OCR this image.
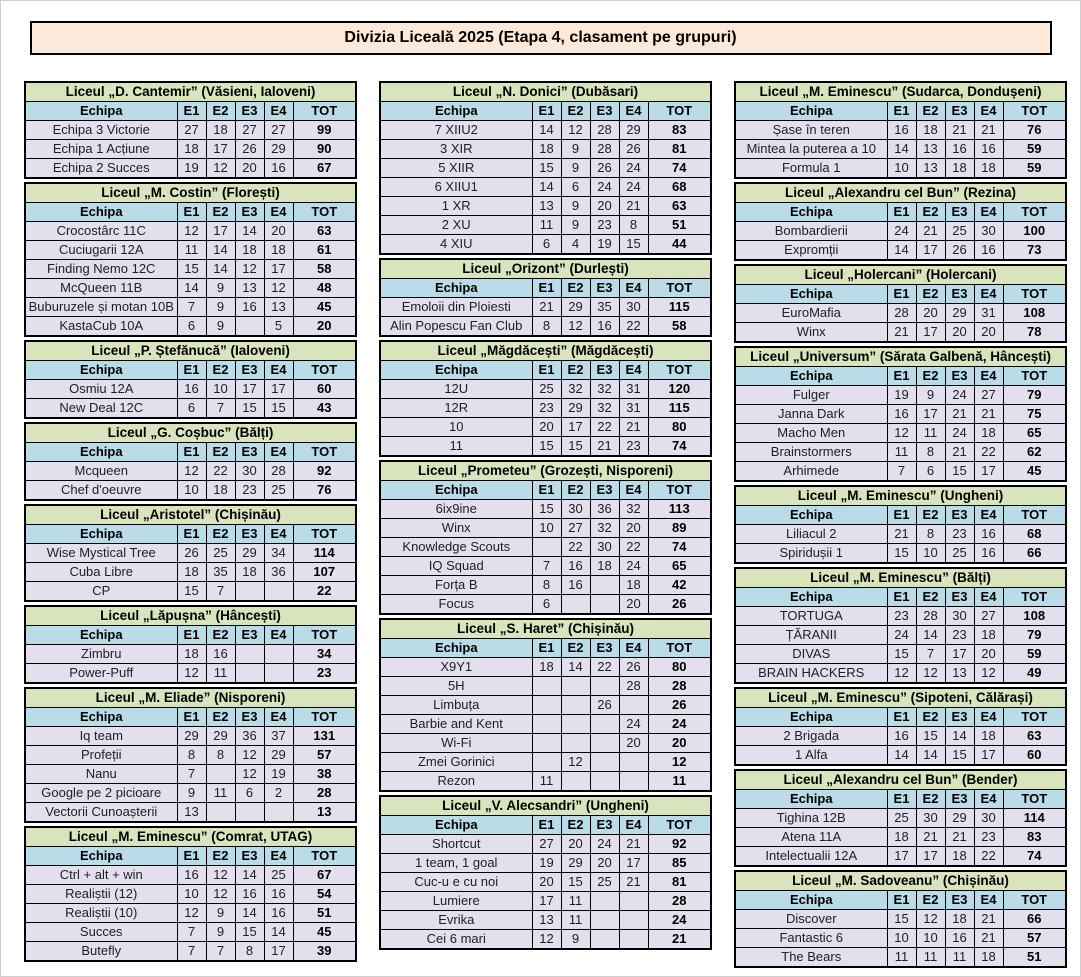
Divizia Liceală 2025 (Etapa 4, clasament pe grupuri)
Liceul „D. Cantemir” (Văsieni, Ialoveni)					
Echipa	E1	E2	E3	E4	TOT
Echipa 3 Victorie	27	18	27	27	99
Echipa 1 Acțiune	18	17	26	29	90
Echipa 2 Succes	19	12	20	16	67
Liceul „M. Costin” (Florești)					
Echipa	E1	E2	E3	E4	TOT
Crocostârc 11C	12	17	14	20	63
Cuciugarii 12A	11	14	18	18	61
Finding Nemo 12C	15	14	12	17	58
McQueen 11B	14	9	13	12	48
Buburuzele și motan 10B	7	9	16	13	45
KastaCub 10A	6	9		5	20
Liceul „P. Ștefănucă” (Ialoveni)					
Echipa	E1	E2	E3	E4	TOT
Osmiu 12A	16	10	17	17	60
New Deal 12C	6	7	15	15	43
Liceul „G. Coșbuc” (Bălți)					
Echipa	E1	E2	E3	E4	TOT
Mcqueen	12	22	30	28	92
Chef d'oeuvre	10	18	23	25	76
Liceul „Aristotel” (Chișinău)					
Echipa	E1	E2	E3	E4	TOT
Wise Mystical Tree	26	25	29	34	114
Cuba Libre	18	35	18	36	107
CP	15	7			22
Liceul „Lăpușna” (Hâncești)					
Echipa	E1	E2	E3	E4	TOT
Zimbru	18	16			34
Power-Puff	12	11			23
Liceul „M. Eliade” (Nisporeni)					
Echipa	E1	E2	E3	E4	TOT
Iq team	29	29	36	37	131
Profeții	8	8	12	29	57
Nanu	7		12	19	38
Google pe 2 picioare	9	11	6	2	28
Vectorii Cunoașterii	13				13
Liceul „M. Eminescu” (Comrat, UTAG)					
Echipa	E1	E2	E3	E4	TOT
Ctrl + alt + win	16	12	14	25	67
Realiștii (12)	10	12	16	16	54
Realiștii (10)	12	9	14	16	51
Succes	7	9	15	14	45
Butefly	7	7	8	17	39
Liceul „N. Donici” (Dubăsari)					
Echipa	E1	E2	E3	E4	TOT
7 XIIU2	14	12	28	29	83
3 XIR	18	9	28	26	81
5 XIIR	15	9	26	24	74
6 XIIU1	14	6	24	24	68
1 XR	13	9	20	21	63
2 XU	11	9	23	8	51
4 XIU	6	4	19	15	44
Liceul „Orizont” (Durlești)					
Echipa	E1	E2	E3	E4	TOT
Emoloii din Ploiesti	21	29	35	30	115
Alin Popescu Fan Club	8	12	16	22	58
Liceul „Măgdăcești” (Măgdăcești)					
Echipa	E1	E2	E3	E4	TOT
12U	25	32	32	31	120
12R	23	29	32	31	115
10	20	17	22	21	80
11	15	15	21	23	74
Liceul „Prometeu” (Grozești, Nisporeni)					
Echipa	E1	E2	E3	E4	TOT
6ix9ine	15	30	36	32	113
Winx	10	27	32	20	89
Knowledge Scouts		22	30	22	74
IQ Squad	7	16	18	24	65
Forța B	8	16		18	42
Focus	6			20	26
Liceul „S. Haret” (Chișinău)					
Echipa	E1	E2	E3	E4	TOT
X9Y1	18	14	22	26	80
5H				28	28
Limbuța			26		26
Barbie and Kent				24	24
Wi-Fi				20	20
Zmei Gorinici		12			12
Rezon	11				11
Liceul „V. Alecsandri” (Ungheni)					
Echipa	E1	E2	E3	E4	TOT
Shortcut	27	20	24	21	92
1 team, 1 goal	19	29	20	17	85
Cuc-u e cu noi	20	15	25	21	81
Lumiere	17	11			28
Evrika	13	11			24
Cei 6 mari	12	9			21
Liceul „M. Eminescu” (Sudarca, Dondușeni)					
Echipa	E1	E2	E3	E4	TOT
Șase în teren	16	18	21	21	76
Mintea la puterea a 10	14	13	16	16	59
Formula 1	10	13	18	18	59
Liceul „Alexandru cel Bun” (Rezina)					
Echipa	E1	E2	E3	E4	TOT
Bombardierii	24	21	25	30	100
Expromții	14	17	26	16	73
Liceul „Holercani” (Holercani)					
Echipa	E1	E2	E3	E4	TOT
EuroMafia	28	20	29	31	108
Winx	21	17	20	20	78
Liceul „Universum” (Sărata Galbenă, Hâncești)					
Echipa	E1	E2	E3	E4	TOT
Fulger	19	9	24	27	79
Janna Dark	16	17	21	21	75
Macho Men	12	11	24	18	65
Brainstormers	11	8	21	22	62
Arhimede	7	6	15	17	45
Liceul „M. Eminescu” (Ungheni)					
Echipa	E1	E2	E3	E4	TOT
Liliacul 2	21	8	23	16	68
Spiridușii 1	15	10	25	16	66
Liceul „M. Eminescu” (Bălți)					
Echipa	E1	E2	E3	E4	TOT
TORTUGA	23	28	30	27	108
ȚĂRANII	24	14	23	18	79
DIVAS	15	7	17	20	59
BRAIN HACKERS	12	12	13	12	49
Liceul „M. Eminescu” (Sipoteni, Călărași)					
Echipa	E1	E2	E3	E4	TOT
2 Brigada	16	15	14	18	63
1 Alfa	14	14	15	17	60
Liceul „Alexandru cel Bun” (Bender)					
Echipa	E1	E2	E3	E4	TOT
Tighina 12B	25	30	29	30	114
Atena 11A	18	21	21	23	83
Intelectualii 12A	17	17	18	22	74
Liceul „M. Sadoveanu” (Chișinău)					
Echipa	E1	E2	E3	E4	TOT
Discover	15	12	18	21	66
Fantastic 6	10	10	16	21	57
The Bears	11	11	11	18	51
